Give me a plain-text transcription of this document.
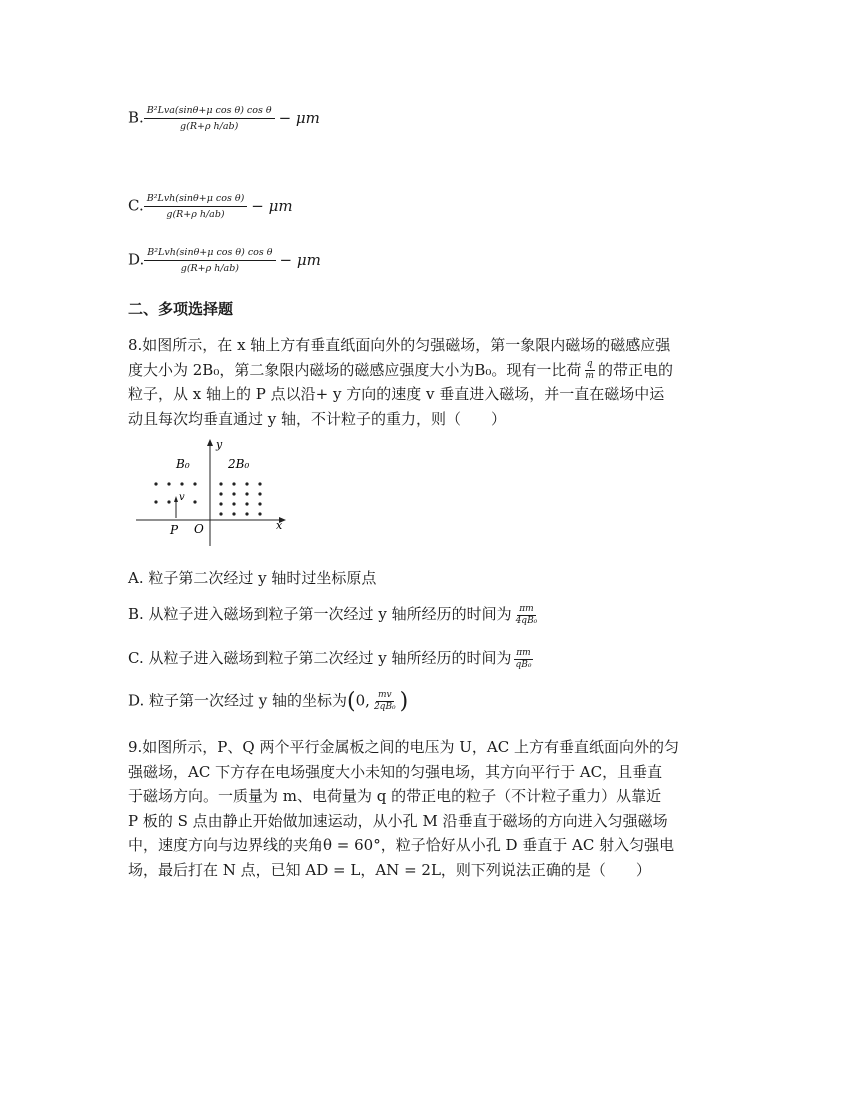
B. $\frac{\text{B²Lva(sinθ+μ cos θ) cos θ}}{\text{g(R+ρ h/ab)}} - \mu m$
C. $\frac{\text{B²Lvh(sinθ+μ cos θ)}}{\text{g(R+ρ h/ab)}} - \mu m$
D. $\frac{\text{B²Lvh(sinθ+μ cos θ) cos θ}}{\text{g(R+ρ h/ab)}} - \mu m$
二、多项选择题
8.如图所示，在 x 轴上方有垂直纸面向外的匀强磁场，第一象限内磁场的磁感应强
度大小为 2B₀，第二象限内磁场的磁感应强度大小为B₀。现有一比荷 $\frac{q}{m}$ 的带正电的
粒子，从 x 轴上的 P 点以沿+ y 方向的速度 v 垂直进入磁场，并一直在磁场中运
动且每次均垂直通过 y 轴，不计粒子的重力，则（　　）
y
x
O
P
B₀	2B₀
v
A. 粒子第二次经过 y 轴时过坐标原点
B. 从粒子进入磁场到粒子第一次经过 y 轴所经历的时间为 $\frac{\pi m}{\text{4qB₀}}$
C. 从粒子进入磁场到粒子第二次经过 y 轴所经历的时间为 $\frac{\pi m}{\text{qB₀}}$
D. 粒子第一次经过 y 轴的坐标为(0, $\frac{mv}{\text{2qB₀}}$ )
9.如图所示，P、Q 两个平行金属板之间的电压为 U，AC 上方有垂直纸面向外的匀
强磁场，AC 下方存在电场强度大小未知的匀强电场，其方向平行于 AC，且垂直
于磁场方向。一质量为 m、电荷量为 q 的带正电的粒子（不计粒子重力）从靠近
P 板的 S 点由静止开始做加速运动，从小孔 M 沿垂直于磁场的方向进入匀强磁场
中，速度方向与边界线的夹角θ = 60°，粒子恰好从小孔 D 垂直于 AC 射入匀强电
场，最后打在 N 点，已知 AD = L，AN = 2L，则下列说法正确的是（　　）
